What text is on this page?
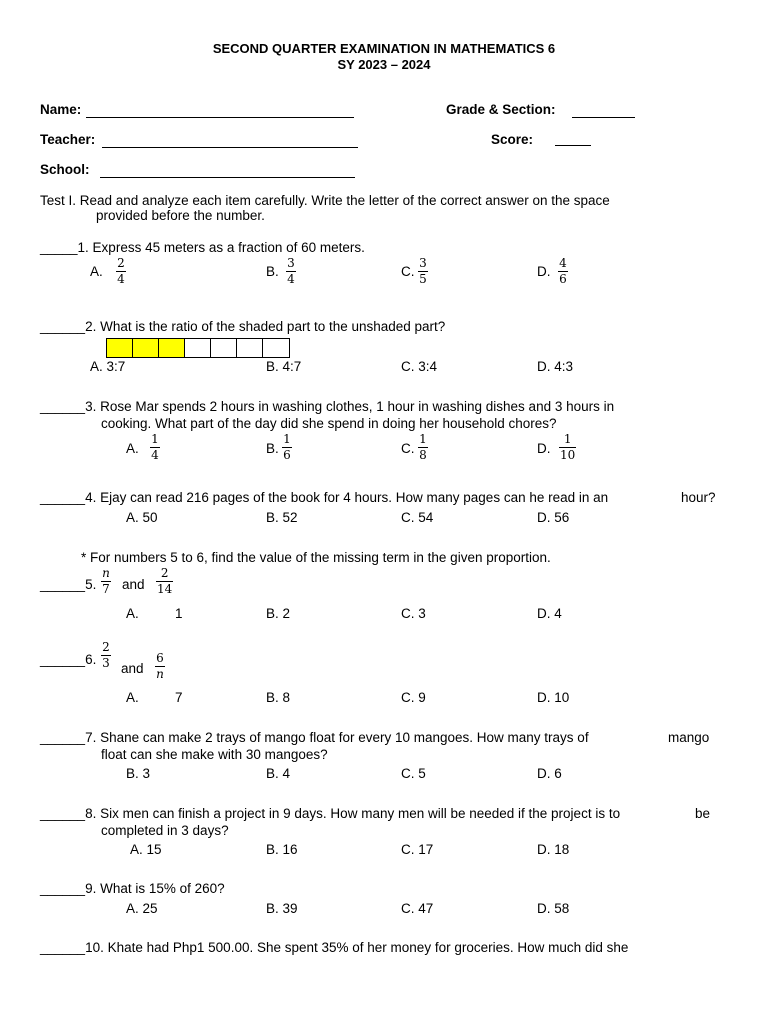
SECOND QUARTER EXAMINATION IN MATHEMATICS 6
SY 2023 – 2024
Name:	Grade & Section:
Teacher:	Score:
School:
Test I. Read and analyze each item carefully. Write the letter of the correct answer on the space
provided before the number.
_____1. Express 45 meters as a fraction of 60 meters.
A.
2
4	B.
3
4	C.
3
5	D.
4
6
______2. What is the ratio of the shaded part to the unshaded part?
A. 3:7	B. 4:7	C. 3:4	D. 4:3
______3. Rose Mar spends 2 hours in washing clothes, 1 hour in washing dishes and 3 hours in
cooking. What part of the day did she spend in doing her household chores?
A.
1
4	B.
1
6	C.
1
8	D.
1
10
______4. Ejay can read 216 pages of the book for 4 hours. How many pages can he read in an	hour?
A. 50	B. 52	C. 54	D. 56
* For numbers 5 to 6, find the value of the missing term in the given proportion.
______5.
n
7 and
2
14
A.	1	B. 2	C. 3	D. 4
______6.
2
3 and
6
n
A.	7	B. 8	C. 9	D. 10
______7. Shane can make 2 trays of mango float for every 10 mangoes. How many trays of	mango
float can she make with 30 mangoes?
B. 3	B. 4	C. 5	D. 6
______8. Six men can finish a project in 9 days. How many men will be needed if the project is to	be
completed in 3 days?
A. 15	B. 16	C. 17	D. 18
______9. What is 15% of 260?
A. 25	B. 39	C. 47	D. 58
______10. Khate had Php1 500.00. She spent 35% of her money for groceries. How much did she
